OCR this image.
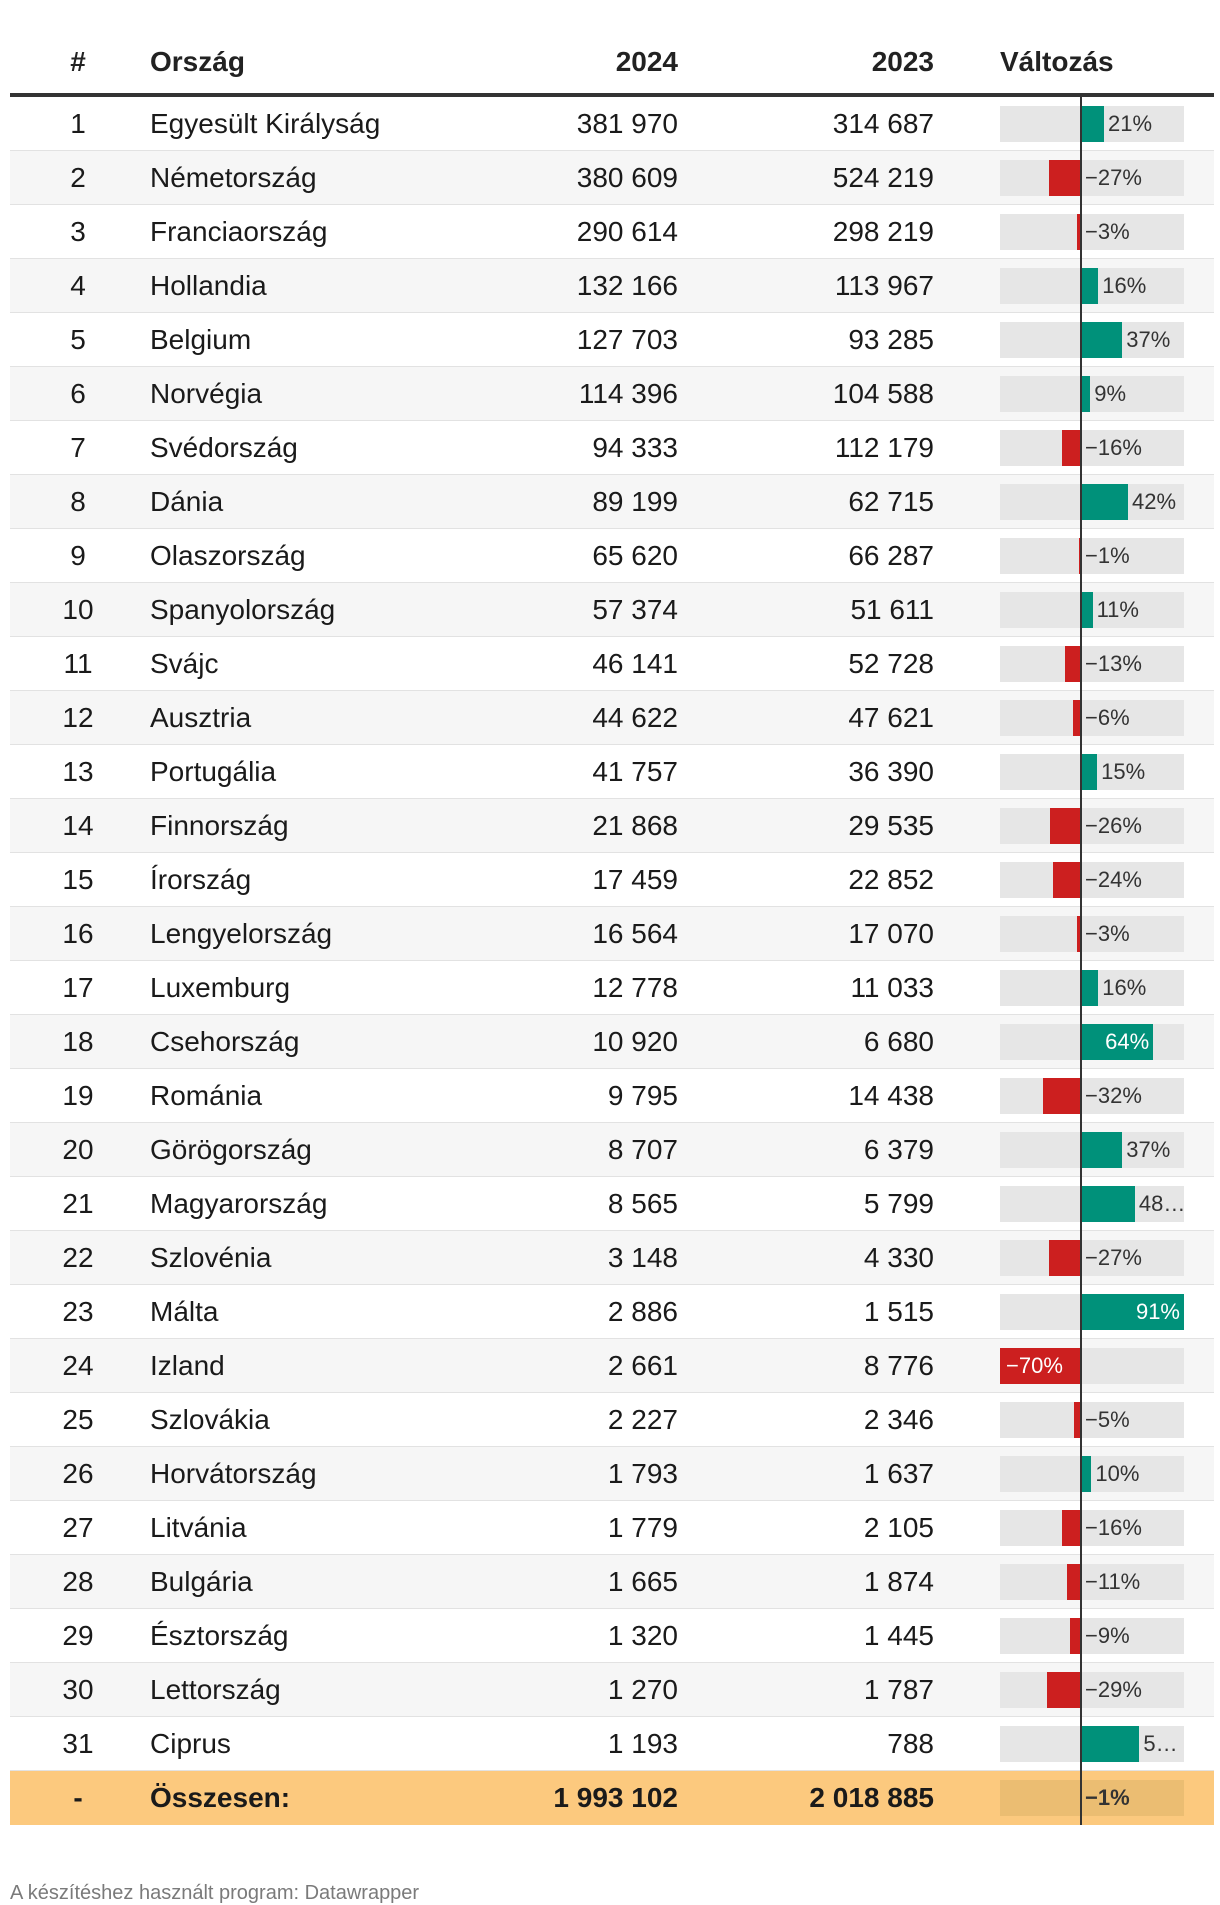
#	Ország	2024	2023 Változás
1	Egyesült Királyság	381 970	314 687	21%
2	Németország	380 609	524 219	−27%
3	Franciaország	290 614	298 219	−3%
4	Hollandia	132 166	113 967	16%
5	Belgium	127 703	93 285	37%
6	Norvégia	114 396	104 588	9%
7	Svédország	94 333	112 179	−16%
8	Dánia	89 199	62 715	42%
9	Olaszország	65 620	66 287	−1%
10	Spanyolország	57 374	51 611	11%
11	Svájc	46 141	52 728	−13%
12	Ausztria	44 622	47 621	−6%
13	Portugália	41 757	36 390	15%
14	Finnország	21 868	29 535	−26%
15	Írország	17 459	22 852	−24%
16	Lengyelország	16 564	17 070	−3%
17	Luxemburg	12 778	11 033	16%
18	Csehország	10 920	6 680	64%
19	Románia	9 795	14 438	−32%
20	Görögország	8 707	6 379	37%
21	Magyarország	8 565	5 799	48…
22	Szlovénia	3 148	4 330	−27%
23	Málta	2 886	1 515	91%
24	Izland	2 661	8 776	−70%
25	Szlovákia	2 227	2 346	−5%
26	Horvátország	1 793	1 637	10%
27	Litvánia	1 779	2 105	−16%
28	Bulgária	1 665	1 874	−11%
29	Észtország	1 320	1 445	−9%
30	Lettország	1 270	1 787	−29%
31	Ciprus	1 193	788	5…
-	Összesen:	1 993 102	2 018 885	−1%
A készítéshez használt program: Datawrapper
